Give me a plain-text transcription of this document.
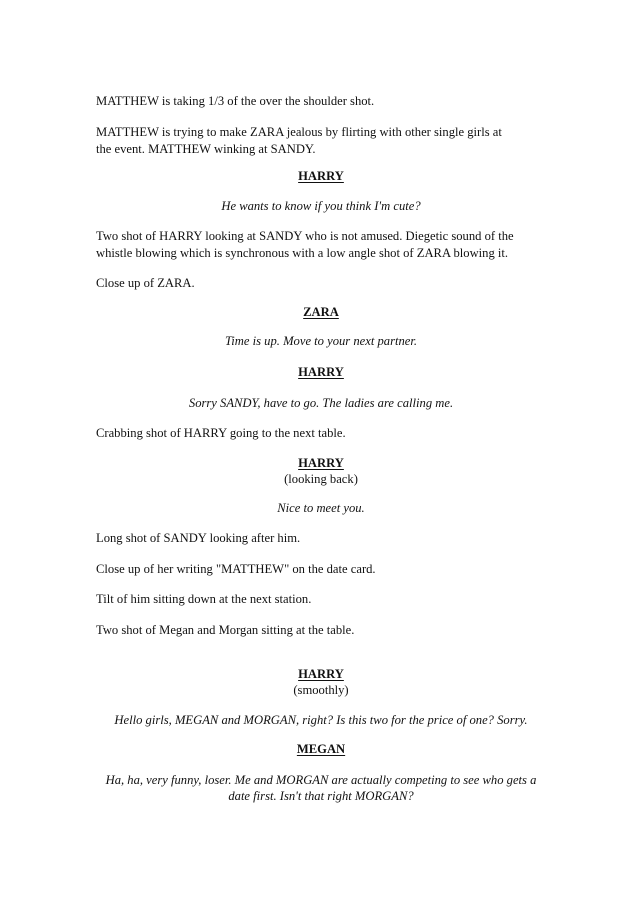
MATTHEW is taking 1/3 of the over the shoulder shot.
MATTHEW is trying to make ZARA jealous by flirting with other single girls at
the event. MATTHEW winking at SANDY.
HARRY
He wants to know if you think I'm cute?
Two shot of HARRY looking at SANDY who is not amused. Diegetic sound of the
whistle blowing which is synchronous with a low angle shot of ZARA blowing it.
Close up of ZARA.
ZARA
Time is up. Move to your next partner.
HARRY
Sorry SANDY, have to go. The ladies are calling me.
Crabbing shot of HARRY going to the next table.
HARRY
(looking back)
Nice to meet you.
Long shot of SANDY looking after him.
Close up of her writing "MATTHEW" on the date card.
Tilt of him sitting down at the next station.
Two shot of Megan and Morgan sitting at the table.
HARRY
(smoothly)
Hello girls, MEGAN and MORGAN, right? Is this two for the price of one? Sorry.
MEGAN
Ha, ha, very funny, loser. Me and MORGAN are actually competing to see who gets a
date first. Isn't that right MORGAN?
